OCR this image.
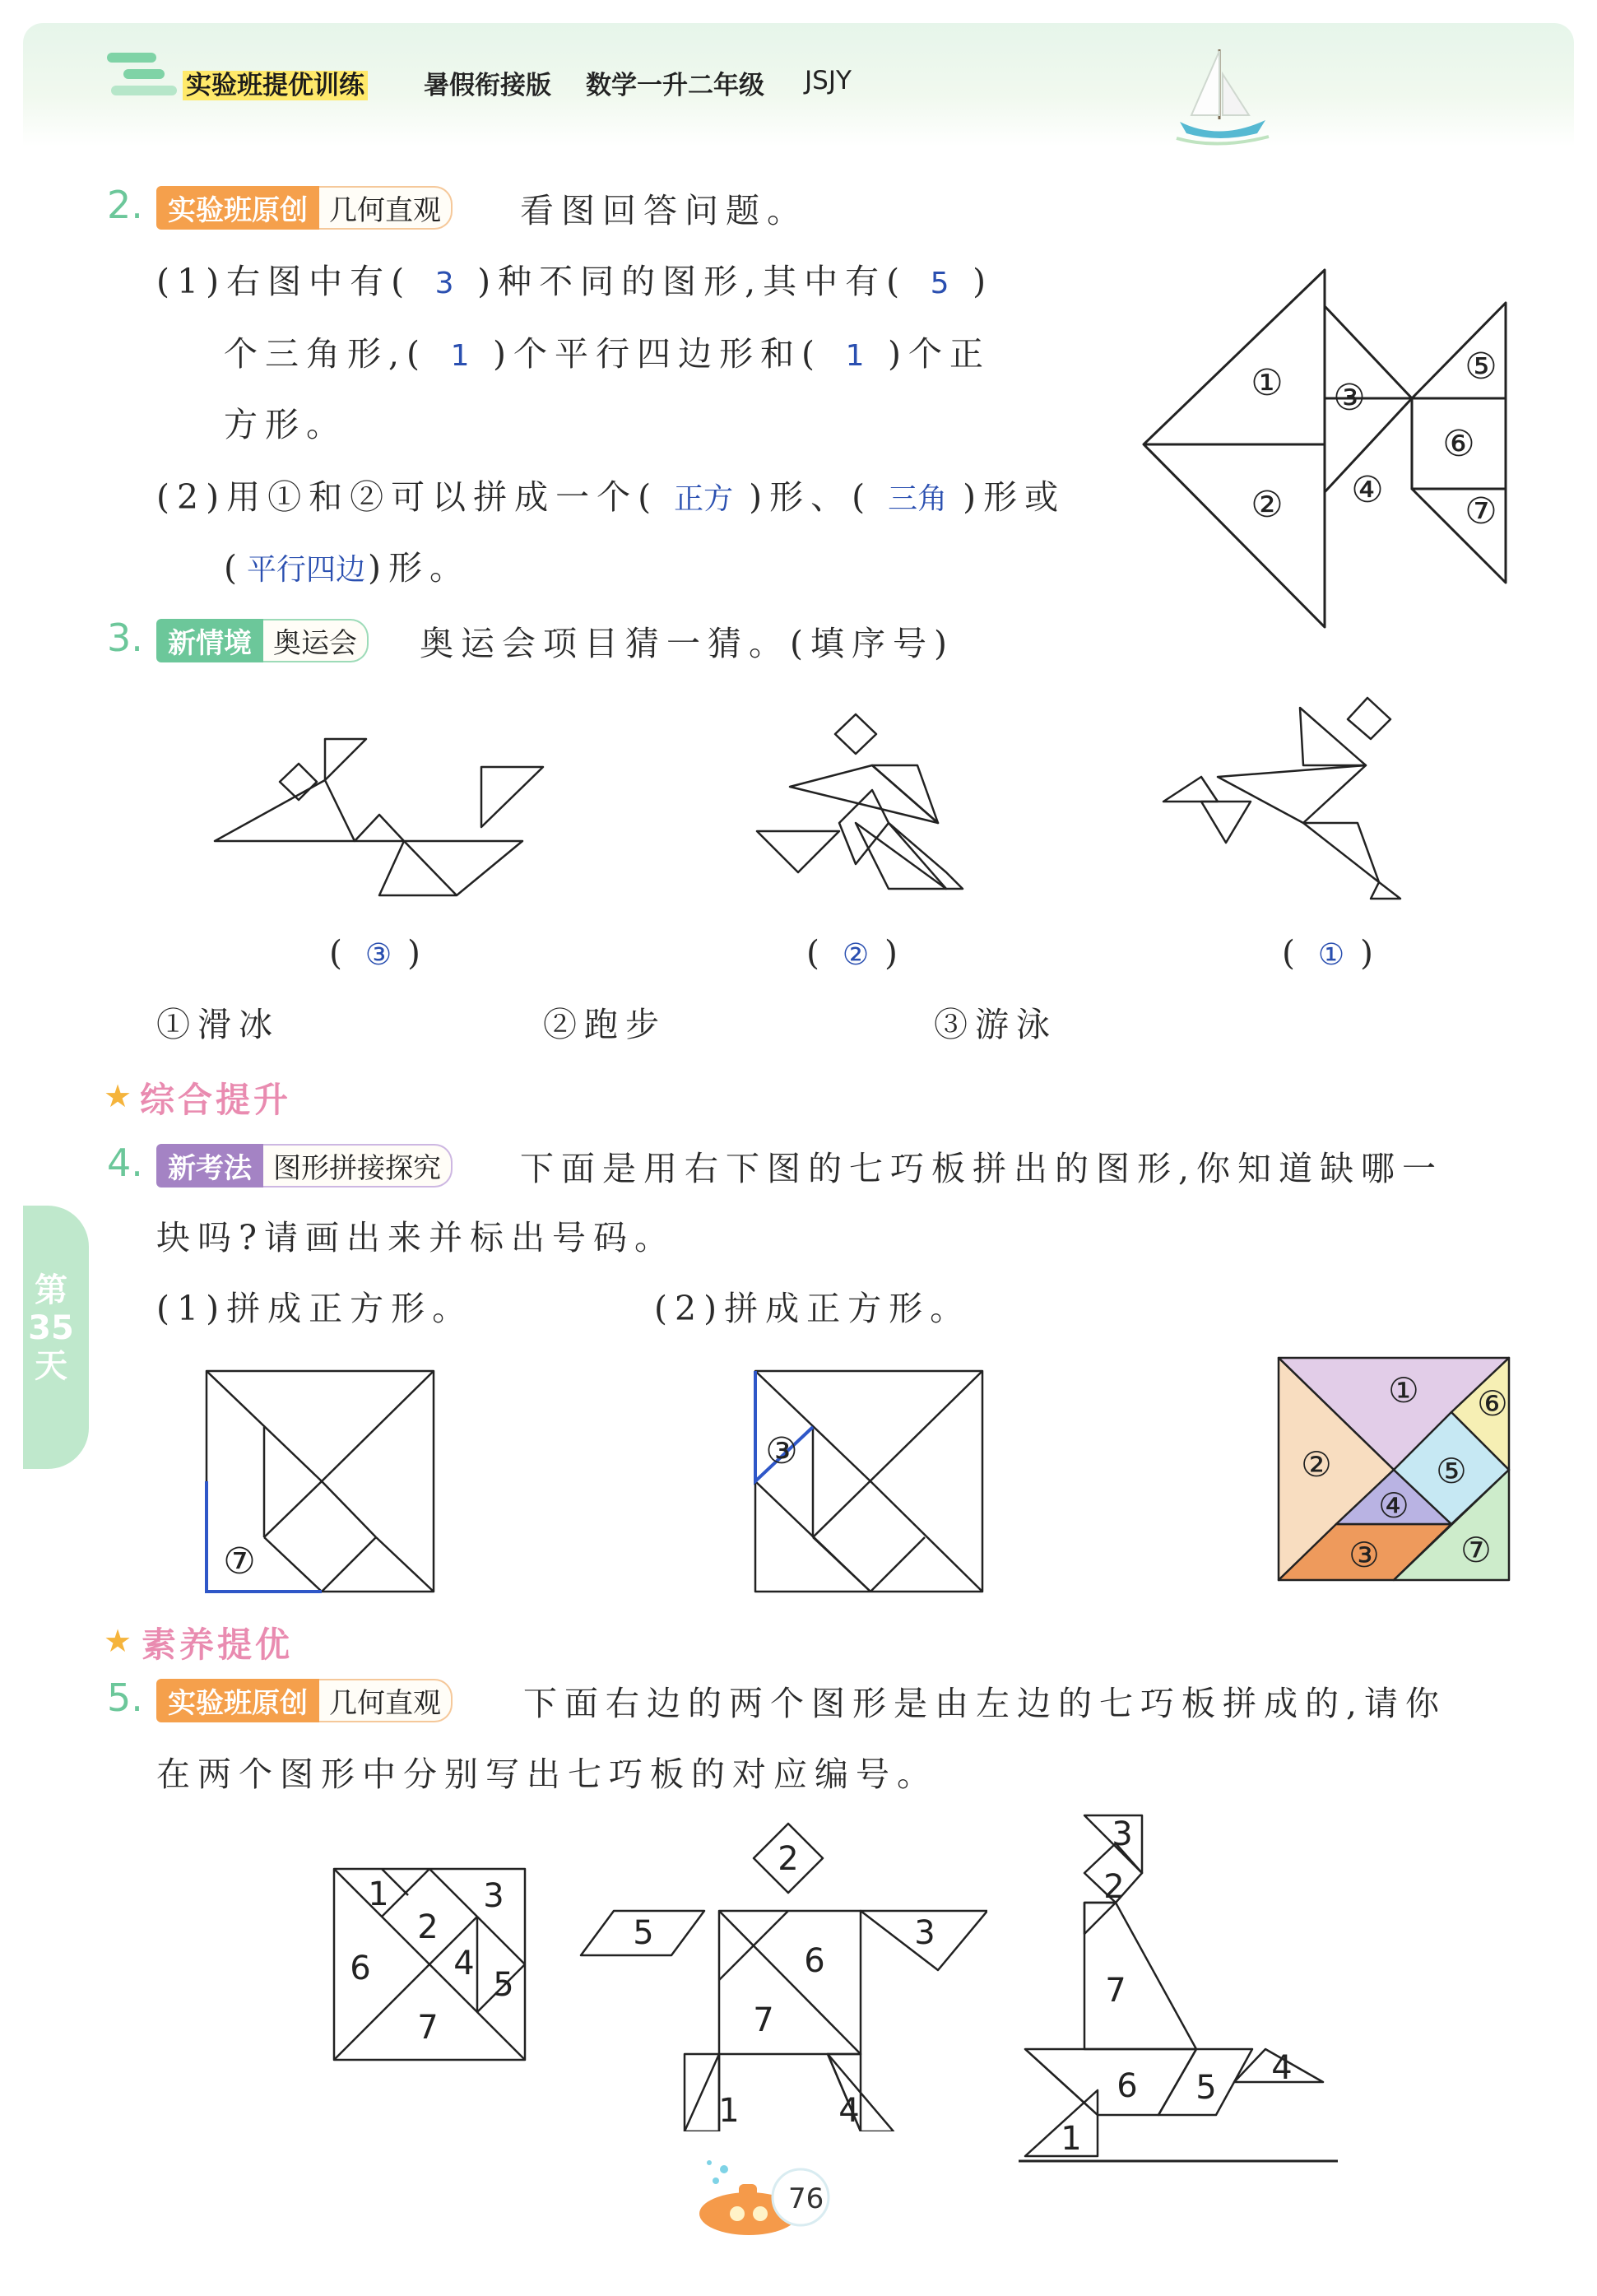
实验班提优训练 暑假衔接版 数学一升二年级 JSJY
2. 实验班原创 几何直观	看图回答问题。
(1)右图中有( 3 )种不同的图形,其中有( 5 )
个三角形,( 1 )个平行四边形和( 1 )个正
方形。
(2)用①和②可以拼成一个( 正方 )形、( 三角 )形或
(平行四边)形。
①
②
③
④
⑤
⑥
⑦
3. 新情境 奥运会	奥运会项目猜一猜。(填序号)
( ③ )	( ② )	( ① )
①滑冰	②跑步	③游泳
★ 综合提升
4. 新考法 图形拼接探究	下面是用右下图的七巧板拼出的图形,你知道缺哪一
块吗?请画出来并标出号码。
(1)拼成正方形。	(2)拼成正方形。
⑦
③
①
②
③
④
⑤
⑥
⑦
★ 素养提优
5. 实验班原创 几何直观	下面右边的两个图形是由左边的七巧板拼成的,请你
在两个图形中分别写出七巧板的对应编号。
1
2
3
4
5
6
7
2
5
6
3
7
1	4
3
2
7
6 5
4
1
第35天
76
